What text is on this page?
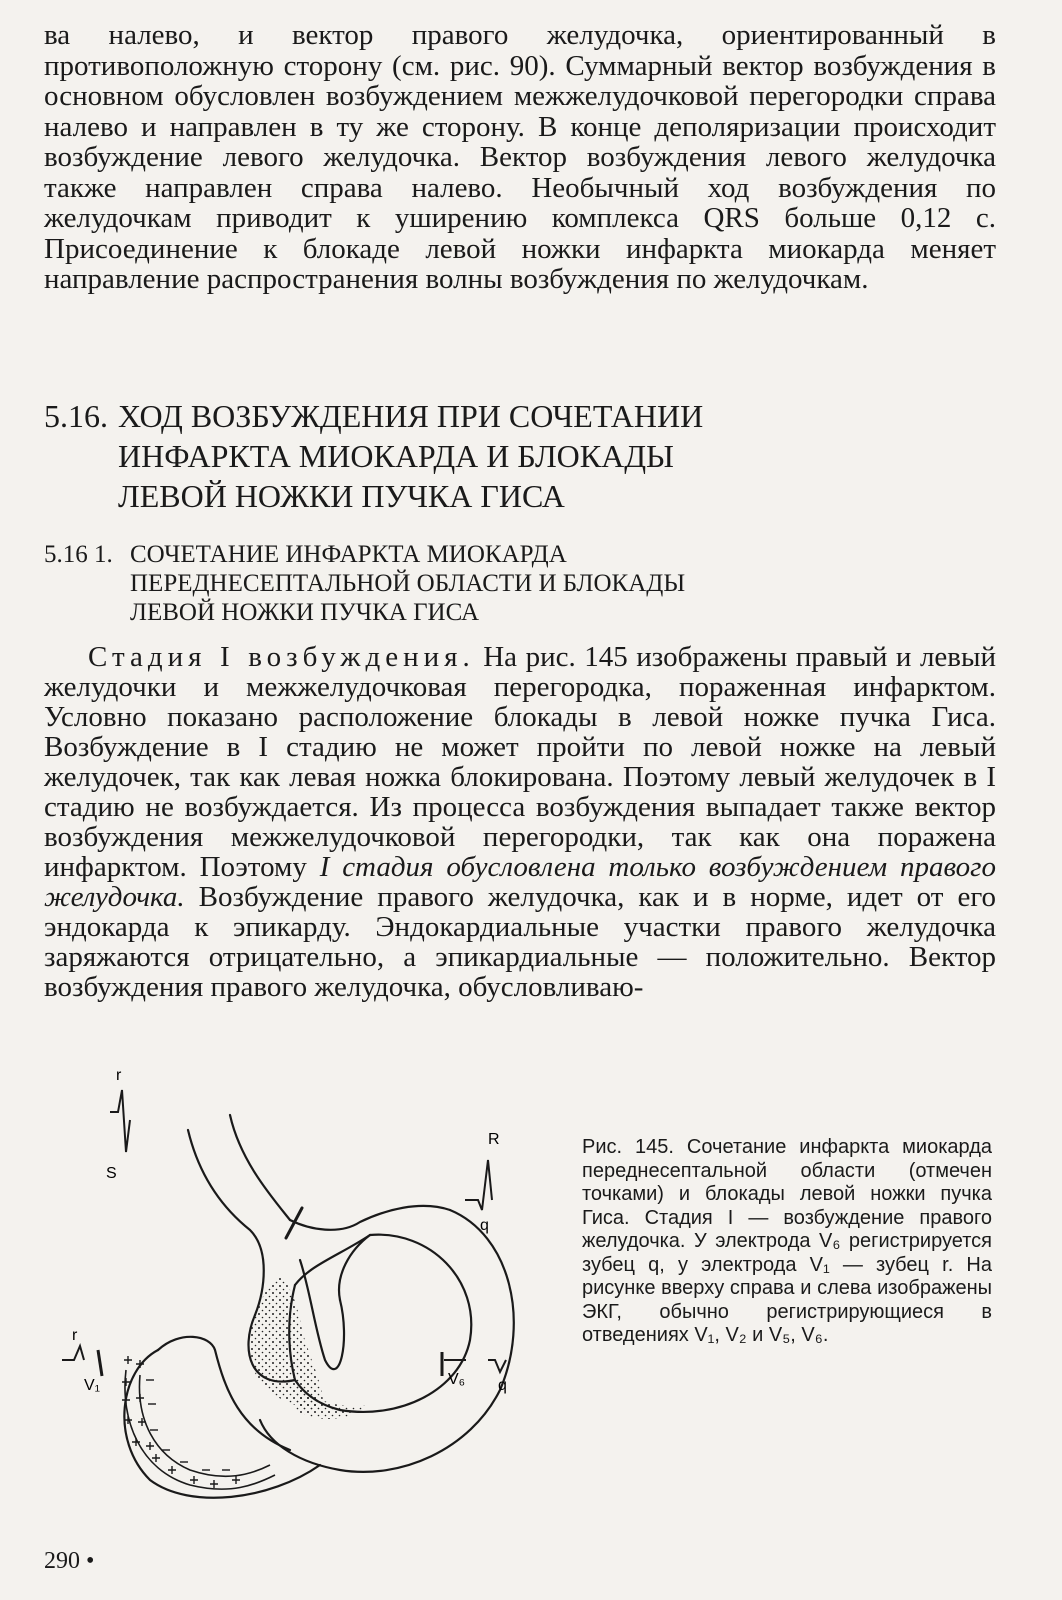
ва налево, и вектор правого желудочка, ориентированный в противоположную сторону (см. рис. 90). Суммарный вектор возбуждения в основном обусловлен возбуждением межжелудочковой перегородки справа налево и направлен в ту же сторону. В конце деполяризации происходит возбуждение левого желудочка. Вектор возбуждения левого желудочка также направлен справа налево. Необычный ход возбуждения по желудочкам приводит к уширению комплекса QRS больше 0,12 с. Присоединение к блокаде левой ножки инфаркта миокарда меняет направление распространения волны возбуждения по желудочкам.

5.16. ХОД ВОЗБУЖДЕНИЯ ПРИ СОЧЕТАНИИ
ИНФАРКТА МИОКАРДА И БЛОКАДЫ
ЛЕВОЙ НОЖКИ ПУЧКА ГИСА
5.16 1. СОЧЕТАНИЕ ИНФАРКТА МИОКАРДА
ПЕРЕДНЕСЕПТАЛЬНОЙ ОБЛАСТИ И БЛОКАДЫ
ЛЕВОЙ НОЖКИ ПУЧКА ГИСА

Стадия I возбуждения. На рис. 145 изображены правый и левый желудочки и межжелудочковая перегородка, пораженная инфарктом. Условно показано расположение блокады в левой ножке пучка Гиса. Возбуждение в I стадию не может пройти по левой ножке на левый желудочек, так как левая ножка блокирована. Поэтому левый желудочек в I стадию не возбуждается. Из процесса возбуждения выпадает также вектор возбуждения межжелудочковой перегородки, так как она поражена инфарктом. Поэтому I стадия обусловлена только возбуждением правого желудочка. Возбуждение правого желудочка, как и в норме, идет от его эндокарда к эпикарду. Эндокардиальные участки правого желудочка заряжаются отрицательно, а эпикардиальные — положительно. Вектор возбуждения правого желудочка, обусловливаю-

r
S
R
q
r
V₁	V₆ q
Рис. 145. Сочетание инфаркта миокарда переднесептальной области (отмечен точками) и блокады левой ножки пучка Гиса. Стадия I — возбуждение правого желудочка. У электрода V₆ регистрируется зубец q, у электрода V₁ — зубец r. На рисунке вверху справа и слева изображены ЭКГ, обычно регистрирующиеся в отведениях V₁, V₂ и V₅, V₆.
290 •
